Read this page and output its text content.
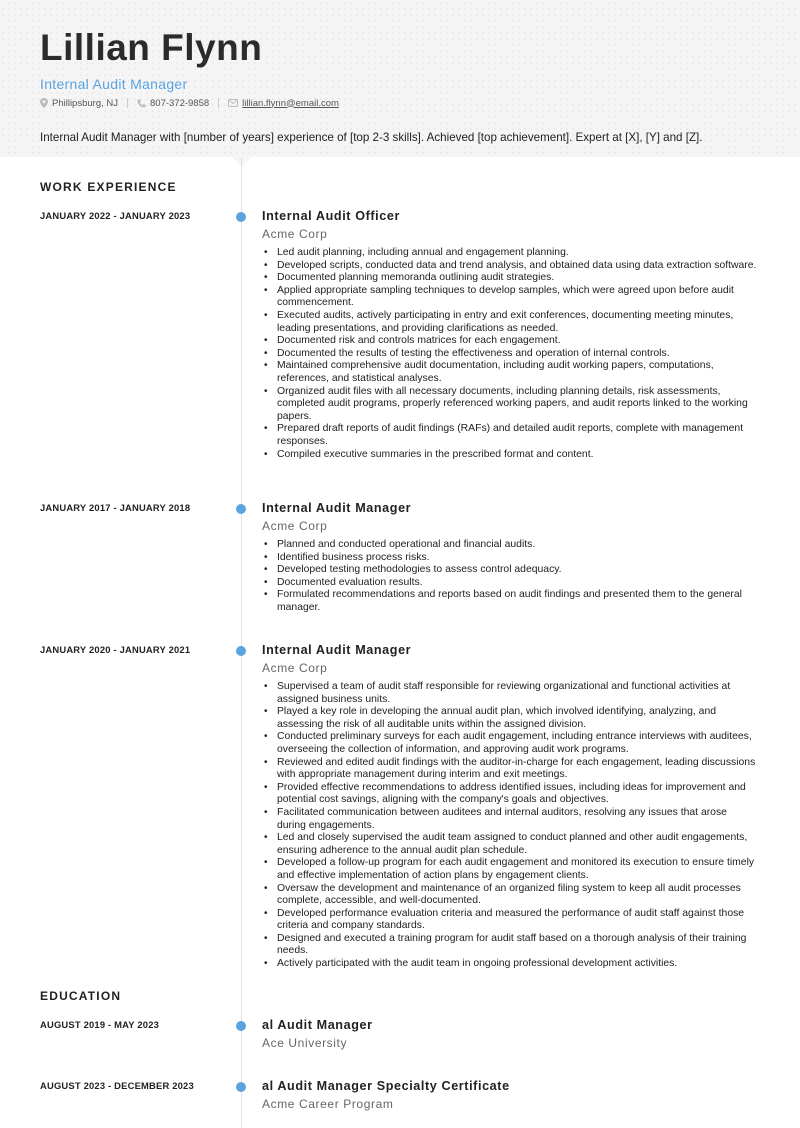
Lillian Flynn
Internal Audit Manager
Phillipsburg, NJ	807-372-9858	lillian.flynn@email.com
Internal Audit Manager with [number of years] experience of [top 2-3 skills]. Achieved [top achievement]. Expert at [X], [Y] and [Z].
WORK EXPERIENCE
JANUARY 2022 - JANUARY 2023	Internal Audit Officer
Acme Corp
• Led audit planning, including annual and engagement planning.
• Developed scripts, conducted data and trend analysis, and obtained data using data extraction software.
• Documented planning memoranda outlining audit strategies.
• Applied appropriate sampling techniques to develop samples, which were agreed upon before audit commencement.
• Executed audits, actively participating in entry and exit conferences, documenting meeting minutes, leading presentations, and providing clarifications as needed.
• Documented risk and controls matrices for each engagement.
• Documented the results of testing the effectiveness and operation of internal controls.
• Maintained comprehensive audit documentation, including audit working papers, computations, references, and statistical analyses.
• Organized audit files with all necessary documents, including planning details, risk assessments, completed audit programs, properly referenced working papers, and audit reports linked to the working papers.
• Prepared draft reports of audit findings (RAFs) and detailed audit reports, complete with management responses.
• Compiled executive summaries in the prescribed format and content.
JANUARY 2017 - JANUARY 2018	Internal Audit Manager
Acme Corp
• Planned and conducted operational and financial audits.
• Identified business process risks.
• Developed testing methodologies to assess control adequacy.
• Documented evaluation results.
• Formulated recommendations and reports based on audit findings and presented them to the general manager.
JANUARY 2020 - JANUARY 2021	Internal Audit Manager
Acme Corp
• Supervised a team of audit staff responsible for reviewing organizational and functional activities at assigned business units.
• Played a key role in developing the annual audit plan, which involved identifying, analyzing, and assessing the risk of all auditable units within the assigned division.
• Conducted preliminary surveys for each audit engagement, including entrance interviews with auditees, overseeing the collection of information, and approving audit work programs.
• Reviewed and edited audit findings with the auditor-in-charge for each engagement, leading discussions with appropriate management during interim and exit meetings.
• Provided effective recommendations to address identified issues, including ideas for improvement and potential cost savings, aligning with the company's goals and objectives.
• Facilitated communication between auditees and internal auditors, resolving any issues that arose during engagements.
• Led and closely supervised the audit team assigned to conduct planned and other audit engagements, ensuring adherence to the annual audit plan schedule.
• Developed a follow-up program for each audit engagement and monitored its execution to ensure timely and effective implementation of action plans by engagement clients.
• Oversaw the development and maintenance of an organized filing system to keep all audit processes complete, accessible, and well-documented.
• Developed performance evaluation criteria and measured the performance of audit staff against those criteria and company standards.
• Designed and executed a training program for audit staff based on a thorough analysis of their training needs.
• Actively participated with the audit team in ongoing professional development activities.
EDUCATION
AUGUST 2019 - MAY 2023	al Audit Manager
Ace University
AUGUST 2023 - DECEMBER 2023	al Audit Manager Specialty Certificate
Acme Career Program
